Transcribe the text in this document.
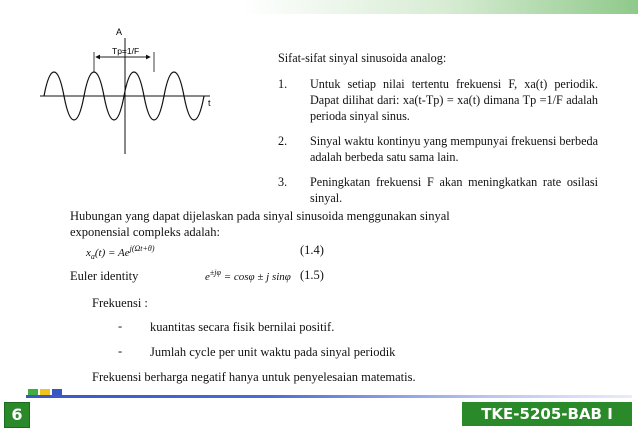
A
t
Tp=1/F	Sifat-sifat sinyal sinusoida analog:

1. Untuk setiap nilai tertentu frekuensi F, xa(t) periodik. Dapat dilihat dari: xa(t-Tp) = xa(t) dimana Tp =1/F adalah perioda sinyal sinus.
2. Sinyal waktu kontinyu yang mempunyai frekuensi berbeda adalah berbeda satu sama lain.
3. Peningkatan frekuensi F akan meningkatkan rate osilasi sinyal.
Hubungan yang dapat dijelaskan pada sinyal sinusoida menggunakan sinyal exponensial compleks adalah:
$x_a(t) = Ae^{j(\Omega t+\theta)}$	(1.4)
Euler identity	$e^{\pm j\varphi} = \cos\varphi \pm j$ sinφ (1.5)
Frekuensi :
- kuantitas secara fisik bernilai positif.
- Jumlah cycle per unit waktu pada sinyal periodik
Frekuensi berharga negatif hanya untuk penyelesaian matematis.
6	TKE-5205-BAB I
